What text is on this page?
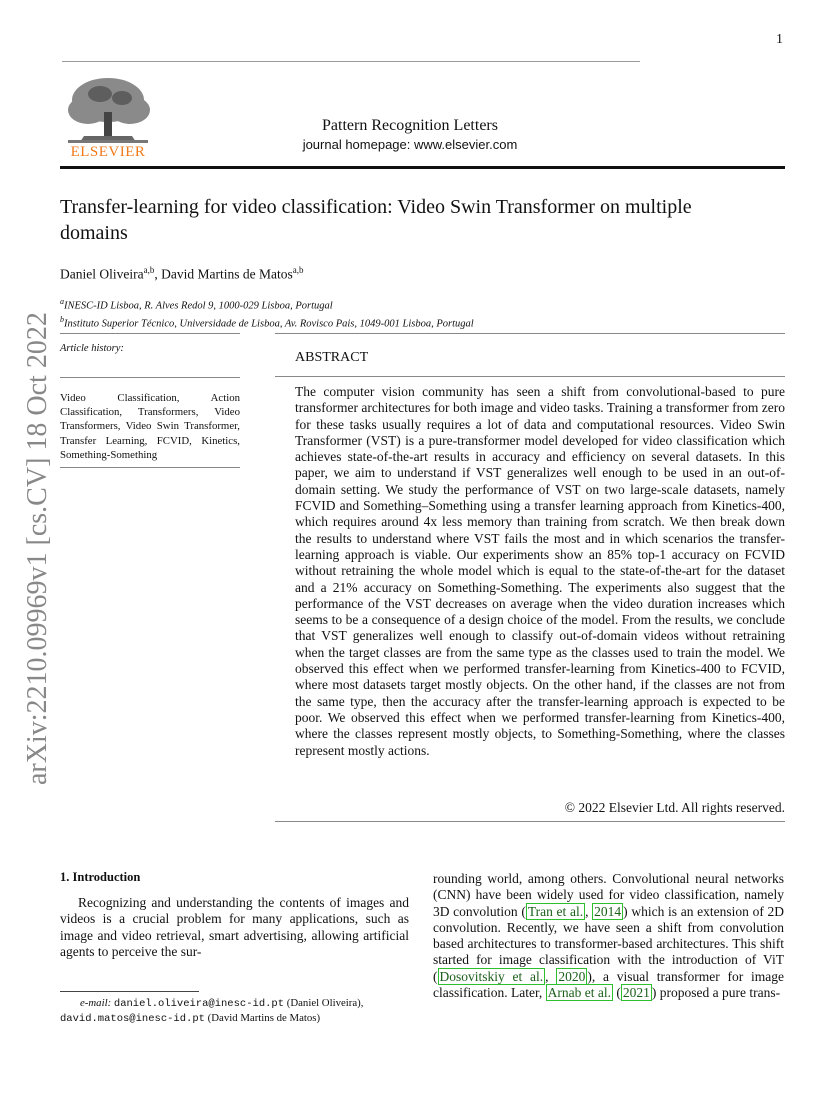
1
ELSEVIER
Pattern Recognition Letters
journal homepage: www.elsevier.com
Transfer-learning for video classification: Video Swin Transformer on multiple
domains
Daniel Oliveira$^{a,b}$, David Martins de Matos$^{a,b}$
$^a$INESC-ID Lisboa, R. Alves Redol 9, 1000-029 Lisboa, Portugal
$^b$Instituto Superior Técnico, Universidade de Lisboa, Av. Rovisco Pais, 1049-001 Lisboa, Portugal
Article history:
Video Classification, Action Classification, Transformers, Video Transformers, Video Swin Transformer, Transfer Learning, FCVID, Kinetics, Something-Something
ABSTRACT
The computer vision community has seen a shift from convolutional-based to pure transformer architectures for both image and video tasks. Training a transformer from zero for these tasks usually requires a lot of data and computational resources. Video Swin Transformer (VST) is a pure-transformer model developed for video classification which achieves state-of-the-art results in accuracy and efficiency on several datasets. In this paper, we aim to understand if VST generalizes well enough to be used in an out-of-domain setting. We study the performance of VST on two large-scale datasets, namely FCVID and Something–Something using a transfer learning approach from Kinetics-400, which requires around 4x less memory than training from scratch. We then break down the results to understand where VST fails the most and in which scenarios the transfer-learning approach is viable. Our experiments show an 85% top-1 accuracy on FCVID without retraining the whole model which is equal to the state-of-the-art for the dataset and a 21% accuracy on Something-Something. The experiments also suggest that the performance of the VST decreases on average when the video duration increases which seems to be a consequence of a design choice of the model. From the results, we conclude that VST generalizes well enough to classify out-of-domain videos without retraining when the target classes are from the same type as the classes used to train the model. We observed this effect when we performed transfer-learning from Kinetics-400 to FCVID, where most datasets target mostly objects. On the other hand, if the classes are not from the same type, then the accuracy after the transfer-learning approach is expected to be poor. We observed this effect when we performed transfer-learning from Kinetics-400, where the classes represent mostly objects, to Something-Something, where the classes represent mostly actions.
© 2022 Elsevier Ltd. All rights reserved.
arXiv:2210.09969v1 [cs.CV] 18 Oct 2022
1. Introduction
Recognizing and understanding the contents of images and videos is a crucial problem for many applications, such as image and video retrieval, smart advertising, allowing artificial agents to perceive the sur-
rounding world, among others. Convolutional neural networks (CNN) have been widely used for video classification, namely 3D convolution ( Tran et al. , 2014 ) which is an extension of 2D convolution. Recently, we have seen a shift from convolution based architectures to transformer-based architectures. This shift started for image classification with the introduction of ViT ( Dosovitskiy et al. , 2020 ), a visual transformer for image classification. Later, Arnab et al. ( 2021 ) proposed a pure trans-
e-mail: daniel.oliveira@inesc-id.pt (Daniel Oliveira),
david.matos@inesc-id.pt (David Martins de Matos)
